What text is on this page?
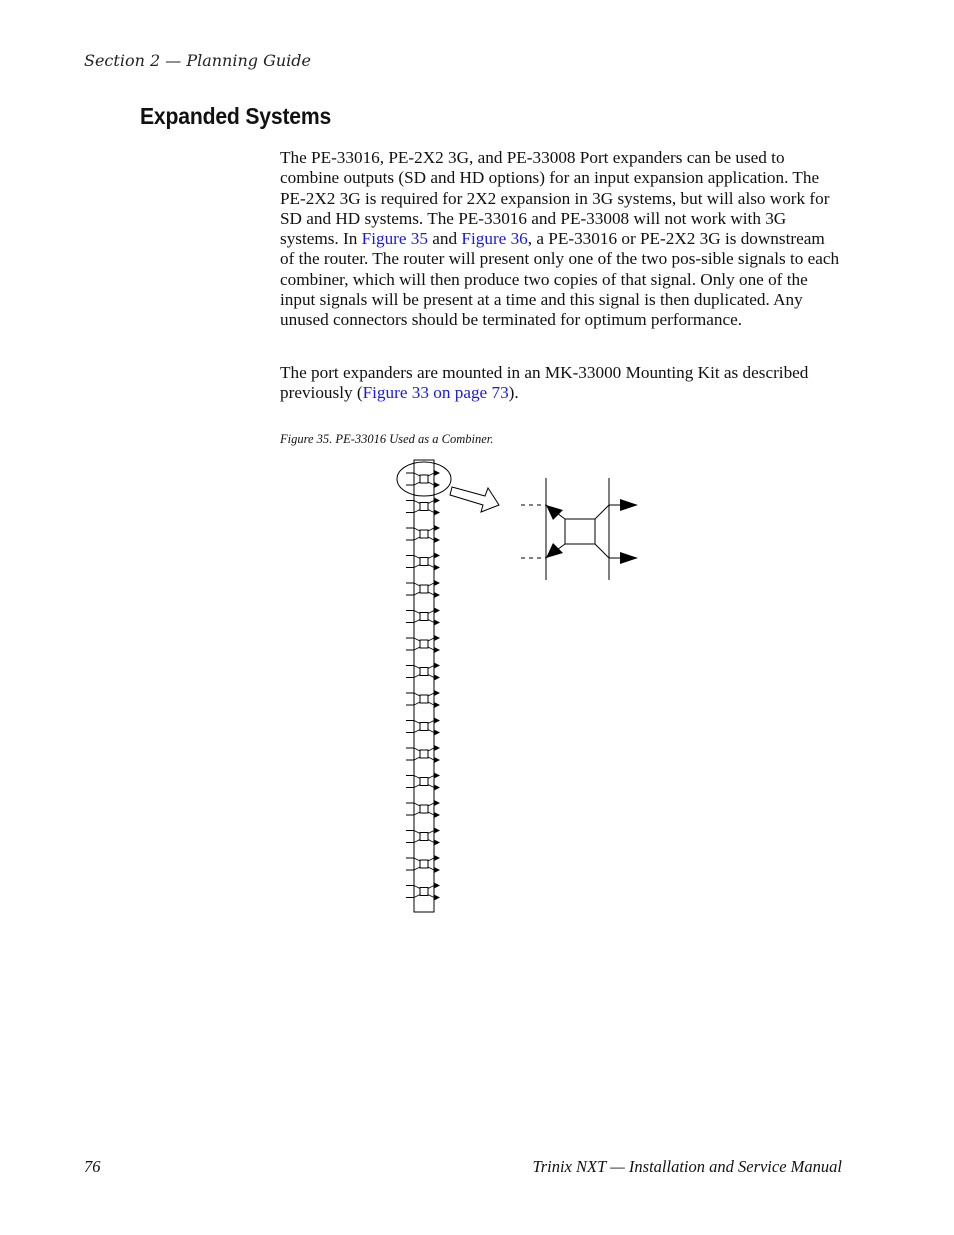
Section 2 — Planning Guide
Expanded Systems

The PE-33016, PE-2X2 3G, and PE-33008 Port expanders can be used to combine outputs (SD and HD options) for an input expansion application. The PE-2X2 3G is required for 2X2 expansion in 3G systems, but will also work for SD and HD systems. The PE-33016 and PE-33008 will not work with 3G systems. In Figure 35 and Figure 36, a PE-33016 or PE-2X2 3G is downstream of the router. The router will present only one of the two pos-sible signals to each combiner, which will then produce two copies of that signal. Only one of the input signals will be present at a time and this signal is then duplicated. Any unused connectors should be terminated for optimum performance.

The port expanders are mounted in an MK-33000 Mounting Kit as described previously (Figure 33 on page 73).

Figure 35. PE-33016 Used as a Combiner.
76	Trinix NXT — Installation and Service Manual
